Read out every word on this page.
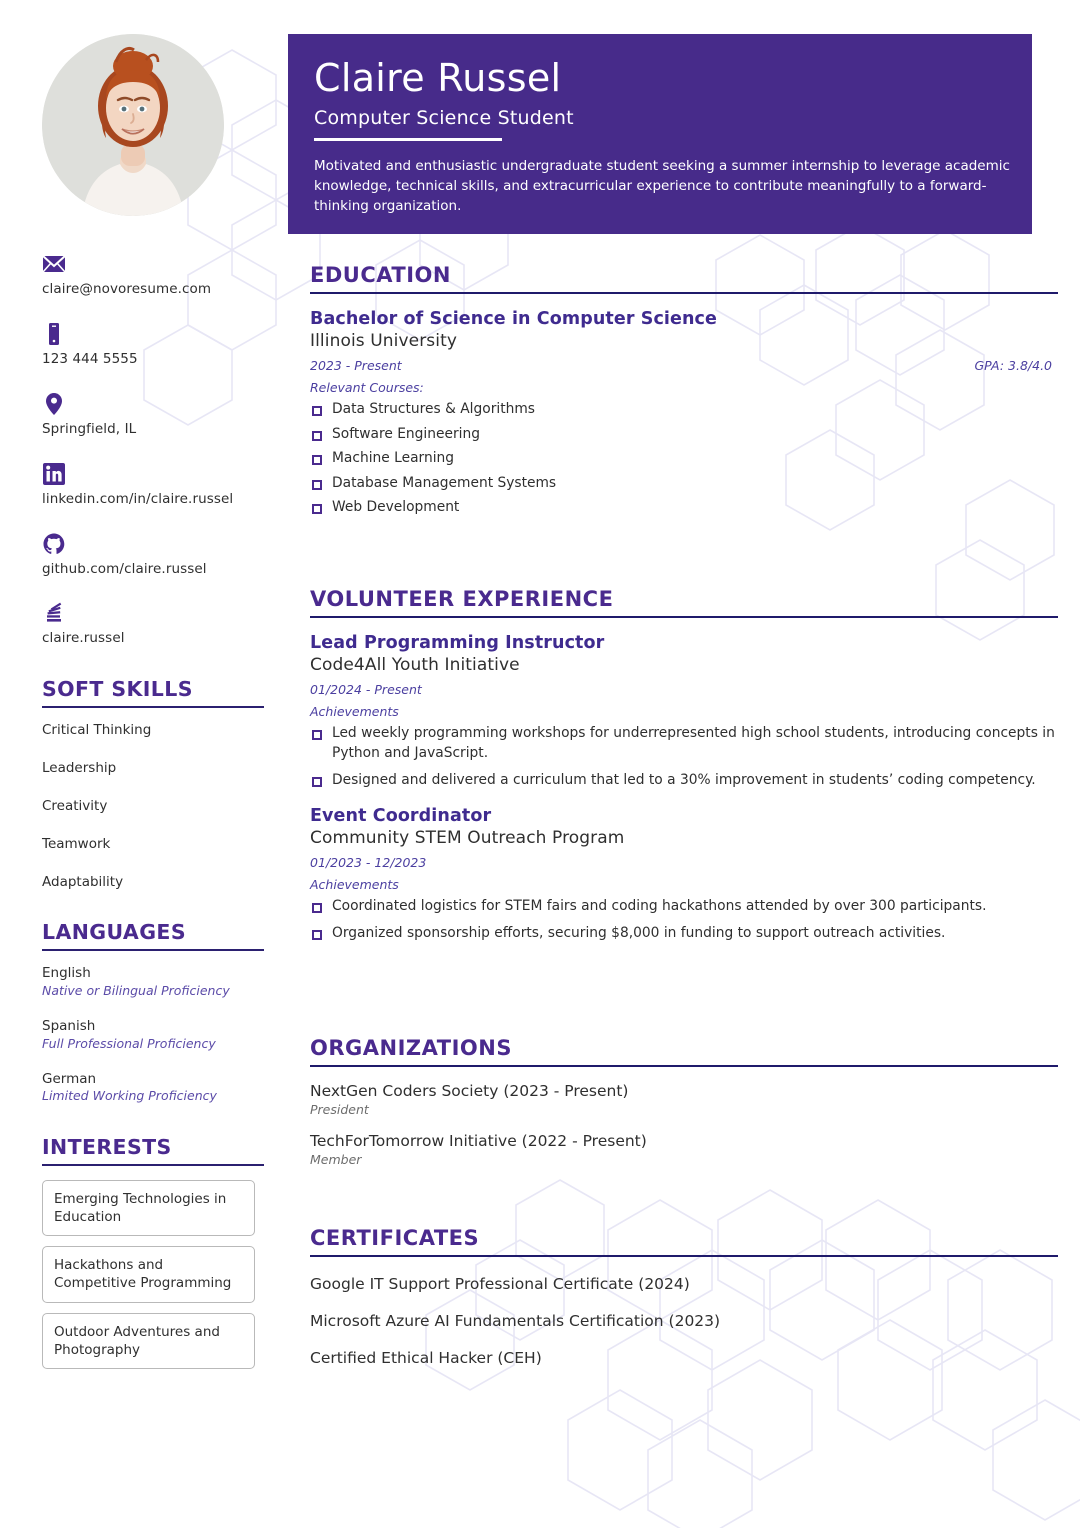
claire@novoresume.com
123 444 5555
Springfield, IL
linkedin.com/in/claire.russel
github.com/claire.russel
claire.russel
SOFT SKILLS
Critical Thinking
Leadership
Creativity
Teamwork
Adaptability
LANGUAGES
English
Native or Bilingual Proficiency
Spanish
Full Professional Proficiency
German
Limited Working Proficiency
INTERESTS
Emerging Technologies in Education
Hackathons and Competitive Programming
Outdoor Adventures and Photography
Claire Russel
Computer Science Student
Motivated and enthusiastic undergraduate student seeking a summer internship to leverage academic knowledge, technical skills, and extracurricular experience to contribute meaningfully to a forward-thinking organization.
EDUCATION
Bachelor of Science in Computer Science
Illinois University
2023 - Present	GPA: 3.8/4.0
Relevant Courses:
Data Structures & Algorithms
Software Engineering
Machine Learning
Database Management Systems
Web Development
VOLUNTEER EXPERIENCE
Lead Programming Instructor
Code4All Youth Initiative
01/2024 - Present
Achievements
Led weekly programming workshops for underrepresented high school students, introducing concepts in Python and JavaScript.
Designed and delivered a curriculum that led to a 30% improvement in students’ coding competency.
Event Coordinator
Community STEM Outreach Program
01/2023 - 12/2023
Achievements
Coordinated logistics for STEM fairs and coding hackathons attended by over 300 participants.
Organized sponsorship efforts, securing $8,000 in funding to support outreach activities.
ORGANIZATIONS
NextGen Coders Society (2023 - Present)
President
TechForTomorrow Initiative (2022 - Present)
Member
CERTIFICATES
Google IT Support Professional Certificate (2024)
Microsoft Azure AI Fundamentals Certification (2023)
Certified Ethical Hacker (CEH)
